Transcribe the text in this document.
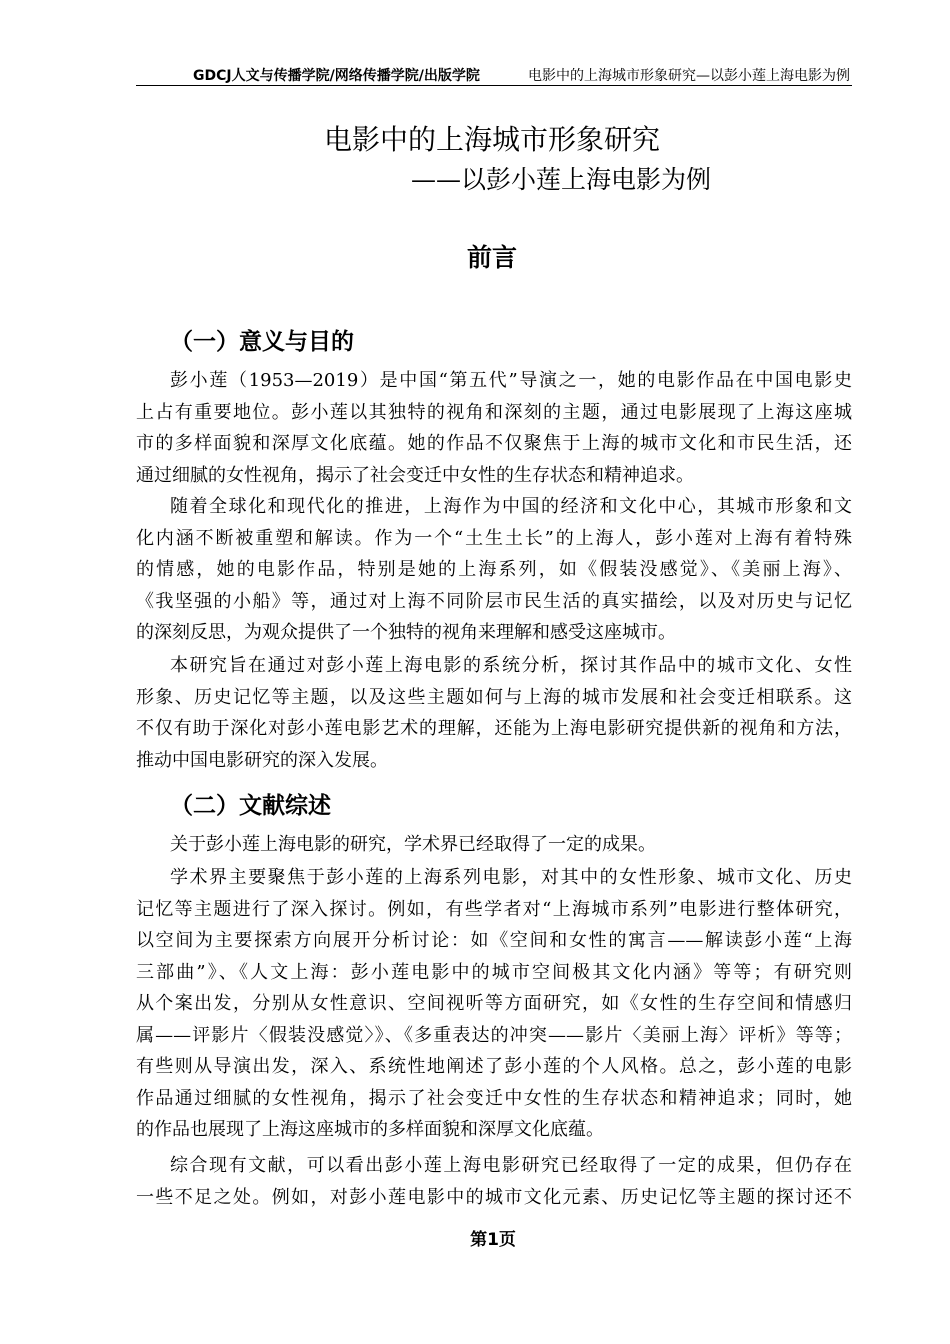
GDCJ人文与传播学院/网络传播学院/出版学院	电影中的上海城市形象研究—以彭小莲上海电影为例
电影中的上海城市形象研究
——以彭小莲上海电影为例
前言
（一）意义与目的
彭小莲（1953—2019）是中国“第五代”导演之一，她的电影作品在中国电影史
上占有重要地位。彭小莲以其独特的视角和深刻的主题，通过电影展现了上海这座城
市的多样面貌和深厚文化底蕴。她的作品不仅聚焦于上海的城市文化和市民生活，还
通过细腻的女性视角，揭示了社会变迁中女性的生存状态和精神追求。
随着全球化和现代化的推进，上海作为中国的经济和文化中心，其城市形象和文
化内涵不断被重塑和解读。作为一个“土生土长”的上海人，彭小莲对上海有着特殊
的情感，她的电影作品，特别是她的上海系列，如《假装没感觉》、《美丽上海》、
《我坚强的小船》等，通过对上海不同阶层市民生活的真实描绘，以及对历史与记忆
的深刻反思，为观众提供了一个独特的视角来理解和感受这座城市。
本研究旨在通过对彭小莲上海电影的系统分析，探讨其作品中的城市文化、女性
形象、历史记忆等主题，以及这些主题如何与上海的城市发展和社会变迁相联系。这
不仅有助于深化对彭小莲电影艺术的理解，还能为上海电影研究提供新的视角和方法，
推动中国电影研究的深入发展。
（二）文献综述
关于彭小莲上海电影的研究，学术界已经取得了一定的成果。
学术界主要聚焦于彭小莲的上海系列电影，对其中的女性形象、城市文化、历史
记忆等主题进行了深入探讨。例如，有些学者对“上海城市系列”电影进行整体研究，
以空间为主要探索方向展开分析讨论：如《空间和女性的寓言——解读彭小莲“上海
三部曲”》、《人文上海：彭小莲电影中的城市空间极其文化内涵》等等；有研究则
从个案出发，分别从女性意识、空间视听等方面研究，如《女性的生存空间和情感归
属——评影片〈假装没感觉〉》、《多重表达的冲突——影片〈美丽上海〉评析》等等；
有些则从导演出发，深入、系统性地阐述了彭小莲的个人风格。总之，彭小莲的电影
作品通过细腻的女性视角，揭示了社会变迁中女性的生存状态和精神追求；同时，她
的作品也展现了上海这座城市的多样面貌和深厚文化底蕴。
综合现有文献，可以看出彭小莲上海电影研究已经取得了一定的成果，但仍存在
一些不足之处。例如，对彭小莲电影中的城市文化元素、历史记忆等主题的探讨还不
第1页
